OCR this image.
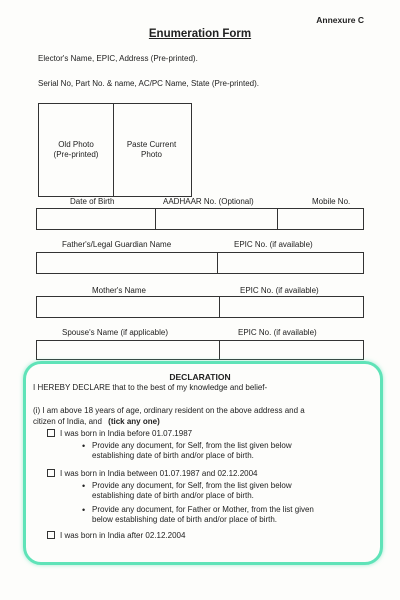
Annexure C
Enumeration Form
Elector's Name, EPIC, Address (Pre-printed).
Serial No, Part No. & name, AC/PC Name, State (Pre-printed).
Old Photo
(Pre-printed)
Paste Current
Photo
Date of Birth	AADHAAR No. (Optional)	Mobile No.
Father's/Legal Guardian Name	EPIC No. (if available)
Mother's Name	EPIC No. (if available)
Spouse's Name (if applicable)	EPIC No. (if available)
DECLARATION
I HEREBY DECLARE that to the best of my knowledge and belief-
(i) I am above 18 years of age, ordinary resident on the above address and a
citizen of India, and (tick any one)
I was born in India before 01.07.1987
• Provide any document, for Self, from the list given below establishing date of birth and/or place of birth.
I was born in India between 01.07.1987 and 02.12.2004
• Provide any document, for Self, from the list given below establishing date of birth and/or place of birth.
• Provide any document, for Father or Mother, from the list given below establishing date of birth and/or place of birth.
I was born in India after 02.12.2004
